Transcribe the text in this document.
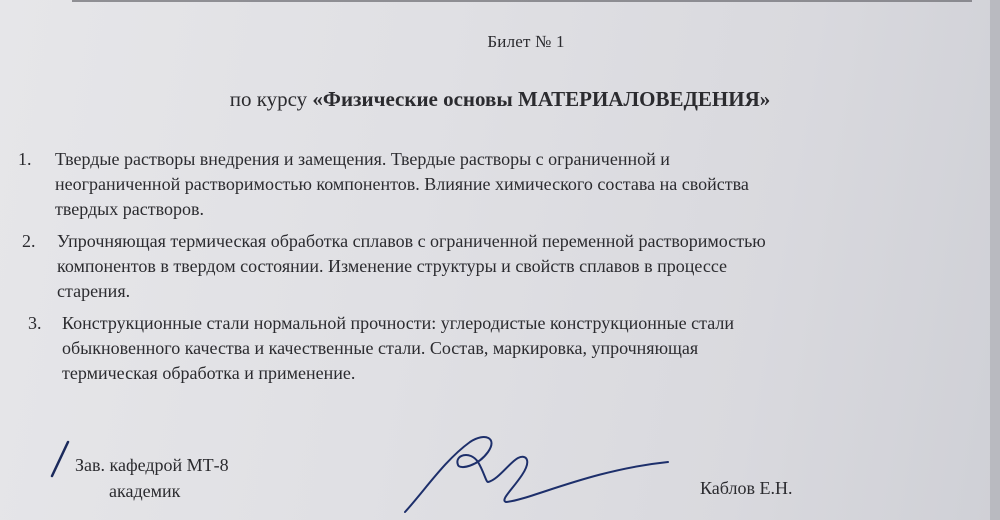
Билет № 1
по курсу «Физические основы МАТЕРИАЛОВЕДЕНИЯ»
1. Твердые растворы внедрения и замещения. Твердые растворы с ограниченной и
неограниченной растворимостью компонентов. Влияние химического состава на свойства
твердых растворов.
2. Упрочняющая термическая обработка сплавов с ограниченной переменной растворимостью
компонентов в твердом состоянии. Изменение структуры и свойств сплавов в процессе
старения.
3. Конструкционные стали нормальной прочности: углеродистые конструкционные стали
обыкновенного качества и качественные стали. Состав, маркировка, упрочняющая
термическая обработка и применение.
Зав. кафедрой МТ-8
академик	Каблов Е.Н.
